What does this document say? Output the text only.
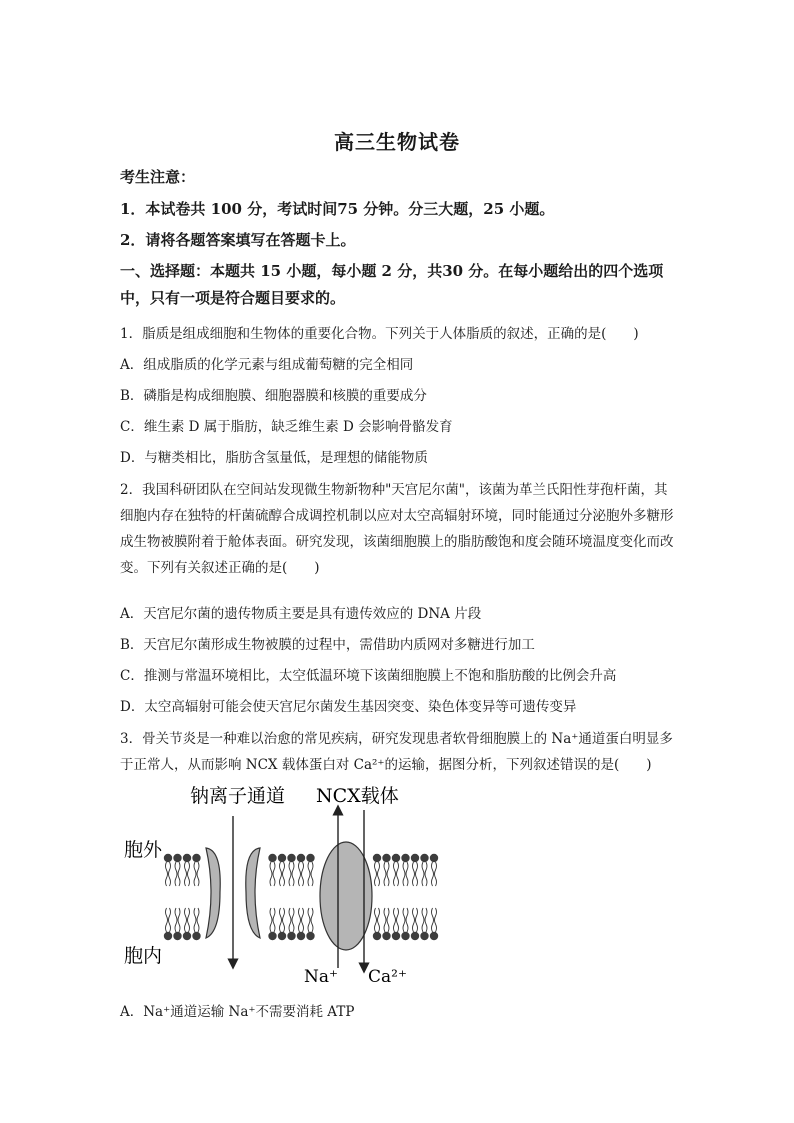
高三生物试卷
考生注意：
1．本试卷共 100 分，考试时间75 分钟。分三大题，25 小题。
2．请将各题答案填写在答题卡上。
一、选择题：本题共 15 小题，每小题 2 分，共30 分。在每小题给出的四个选项中，只有一项是符合题目要求的。
1．脂质是组成细胞和生物体的重要化合物。下列关于人体脂质的叙述，正确的是(　　)
A．组成脂质的化学元素与组成葡萄糖的完全相同
B．磷脂是构成细胞膜、细胞器膜和核膜的重要成分
C．维生素 D 属于脂肪，缺乏维生素 D 会影响骨骼发育
D．与糖类相比，脂肪含氢量低，是理想的储能物质
2．我国科研团队在空间站发现微生物新物种"天宫尼尔菌"，该菌为革兰氏阳性芽孢杆菌，其细胞内存在独特的杆菌硫醇合成调控机制以应对太空高辐射环境，同时能通过分泌胞外多糖形成生物被膜附着于舱体表面。研究发现，该菌细胞膜上的脂肪酸饱和度会随环境温度变化而改变。下列有关叙述正确的是(　　)
A．天宫尼尔菌的遗传物质主要是具有遗传效应的 DNA 片段
B．天宫尼尔菌形成生物被膜的过程中，需借助内质网对多糖进行加工
C．推测与常温环境相比，太空低温环境下该菌细胞膜上不饱和脂肪酸的比例会升高
D．太空高辐射可能会使天宫尼尔菌发生基因突变、染色体变异等可遗传变异
3．骨关节炎是一种难以治愈的常见疾病，研究发现患者软骨细胞膜上的 Na⁺通道蛋白明显多于正常人，从而影响 NCX 载体蛋白对 Ca²⁺的运输，据图分析，下列叙述错误的是(　　)
钠离子通道 NCX载体
胞外
胞内
Na⁺ Ca²⁺
A．Na⁺通道运输 Na⁺不需要消耗 ATP
